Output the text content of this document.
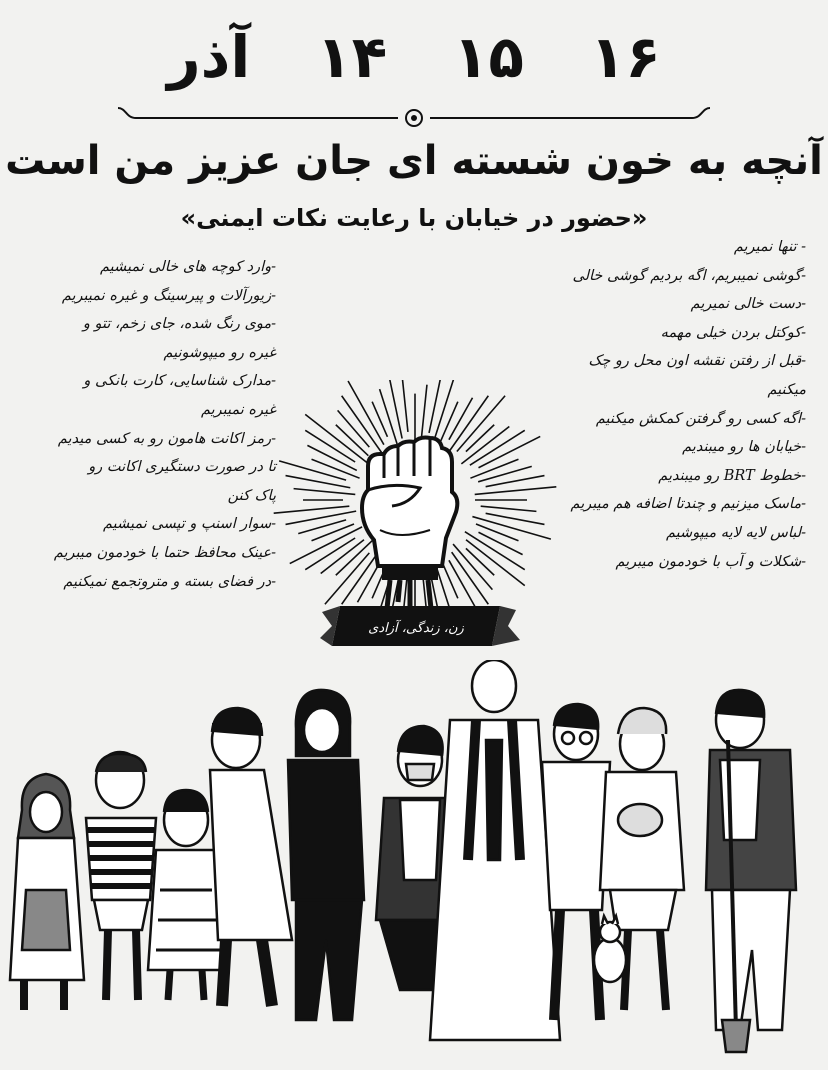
۱۶
۱۵
۱۴
آذر
آنچه به خون شسته ای جان عزیز من است
«حضور در خیابان با رعایت نکات ایمنی»
- تنها نمیریم
-گوشی نمیبریم، اگه بردیم گوشی خالی
-دست خالی نمیریم
-کوکتل بردن خیلی مهمه
-قبل از رفتن نقشه اون محل رو چک
میکنیم
-اگه کسی رو گرفتن کمکش میکنیم
-خیابان ها رو میبندیم
-خطوط BRT رو میبندیم
-ماسک میزنیم و چندتا اضافه هم میبریم
-لباس لایه لایه میپوشیم
-شکلات و آب با خودمون میبریم
-وارد کوچه های خالی نمیشیم
-زیورآلات و پیرسینگ و غیره نمیبریم
-موی رنگ شده، جای زخم، تتو و
غیره رو میپوشونیم
-مدارک شناسایی، کارت بانکی و
غیره نمیبریم
-رمز اکانت هامون رو به کسی میدیم
تا در صورت دستگیری اکانت رو
پاک کنن
-سوار اسنپ و تپسی نمیشیم
-عینک محافظ حتما با خودمون میبریم
-در فضای بسته و متروتجمع نمیکنیم
زن، زندگی، آزادی
